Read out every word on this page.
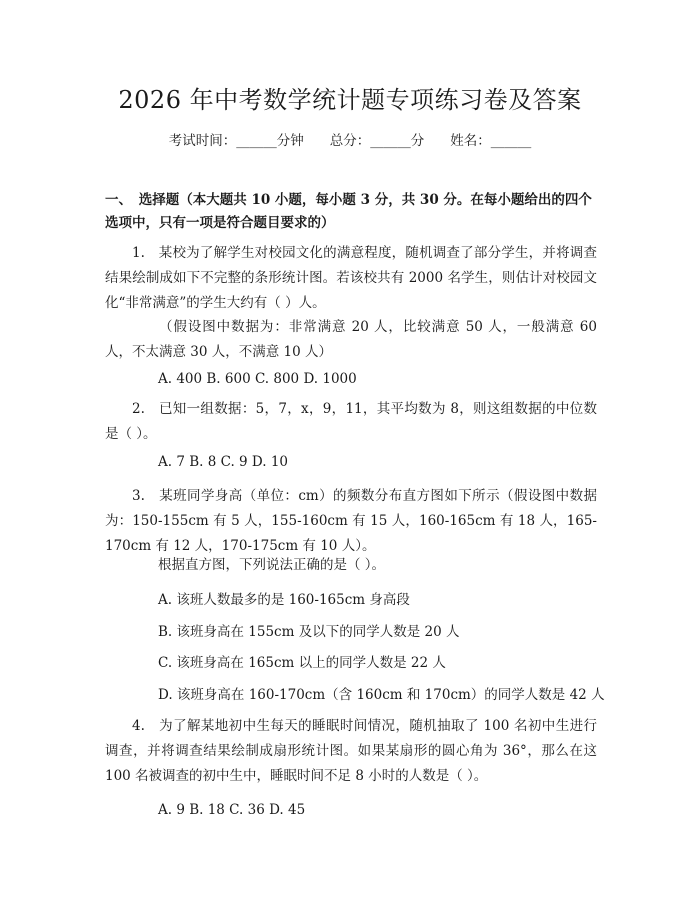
2026 年中考数学统计题专项练习卷及答案
考试时间：______分钟 总分：______分 姓名：______
一、　选择题（本大题共 10 小题，每小题 3 分，共 30 分。在每小题给出的四个选项中，只有一项是符合题目要求的）
1.　某校为了解学生对校园文化的满意程度，随机调查了部分学生，并将调查结果绘制成如下不完整的条形统计图。若该校共有 2000 名学生，则估计对校园文化“非常满意”的学生大约有（ ）人。
（假设图中数据为：非常满意 20 人，比较满意 50 人，一般满意 60 人，不太满意 30 人，不满意 10 人）
A. 400 B. 600 C. 800 D. 1000
2.　已知一组数据：5，7，x，9，11，其平均数为 8，则这组数据的中位数是（ ）。
A. 7 B. 8 C. 9 D. 10
3.　某班同学身高（单位：cm）的频数分布直方图如下所示（假设图中数据为：150-155cm 有 5 人，155-160cm 有 15 人，160-165cm 有 18 人，165-170cm 有 12 人，170-175cm 有 10 人）。
根据直方图，下列说法正确的是（ ）。
A. 该班人数最多的是 160-165cm 身高段
B. 该班身高在 155cm 及以下的同学人数是 20 人
C. 该班身高在 165cm 以上的同学人数是 22 人
D. 该班身高在 160-170cm（含 160cm 和 170cm）的同学人数是 42 人
4.　为了解某地初中生每天的睡眠时间情况，随机抽取了 100 名初中生进行调查，并将调查结果绘制成扇形统计图。如果某扇形的圆心角为 36°，那么在这 100 名被调查的初中生中，睡眠时间不足 8 小时的人数是（ ）。
A. 9 B. 18 C. 36 D. 45
